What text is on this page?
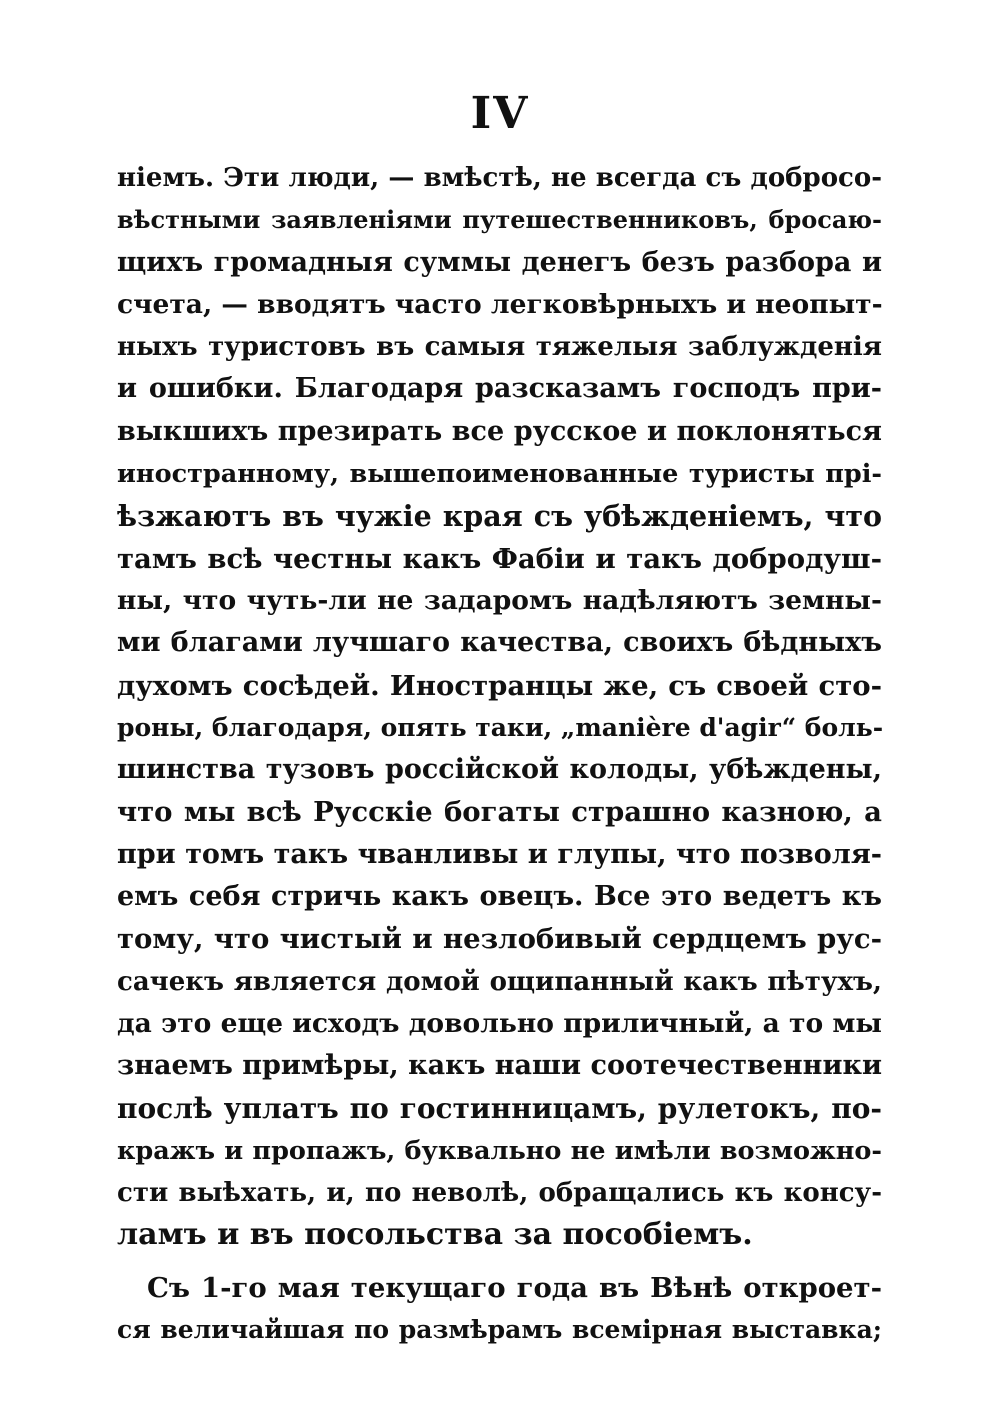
IV
ніемъ. Эти люди, — вмѣстѣ, не всегда съ добросо-
вѣстными заявленіями путешественниковъ, бросаю-
щихъ громадныя суммы денегъ безъ разбора и
счета, — вводятъ часто легковѣрныхъ и неопыт-
ныхъ туристовъ въ самыя тяжелыя заблужденія
и ошибки. Благодаря разсказамъ господъ при-
выкшихъ презирать все русское и поклоняться
иностранному, вышепоименованные туристы прі-
ѣзжаютъ въ чужіе края съ убѣжденіемъ, что
тамъ всѣ честны какъ Фабіи и такъ добродуш-
ны, что чуть-ли не задаромъ надѣляютъ земны-
ми благами лучшаго качества, своихъ бѣдныхъ
духомъ сосѣдей. Иностранцы же, съ своей сто-
роны, благодаря, опять таки, „manière d'agir“ боль-
шинства тузовъ россійской колоды, убѣждены,
что мы всѣ Русскіе богаты страшно казною, а
при томъ такъ чванливы и глупы, что позволя-
емъ себя стричь какъ овецъ. Все это ведетъ къ
тому, что чистый и незлобивый сердцемъ рус-
сачекъ является домой ощипанный какъ пѣтухъ,
да это еще исходъ довольно приличный, а то мы
знаемъ примѣры, какъ наши соотечественники
послѣ уплатъ по гостинницамъ, рулетокъ, по-
кражъ и пропажъ, буквально не имѣли возможно-
сти выѣхать, и, по неволѣ, обращались къ консу-
ламъ и въ посольства за пособіемъ.
Съ 1-го мая текущаго года въ Вѣнѣ откроет-
ся величайшая по размѣрамъ всемірная выставка;
